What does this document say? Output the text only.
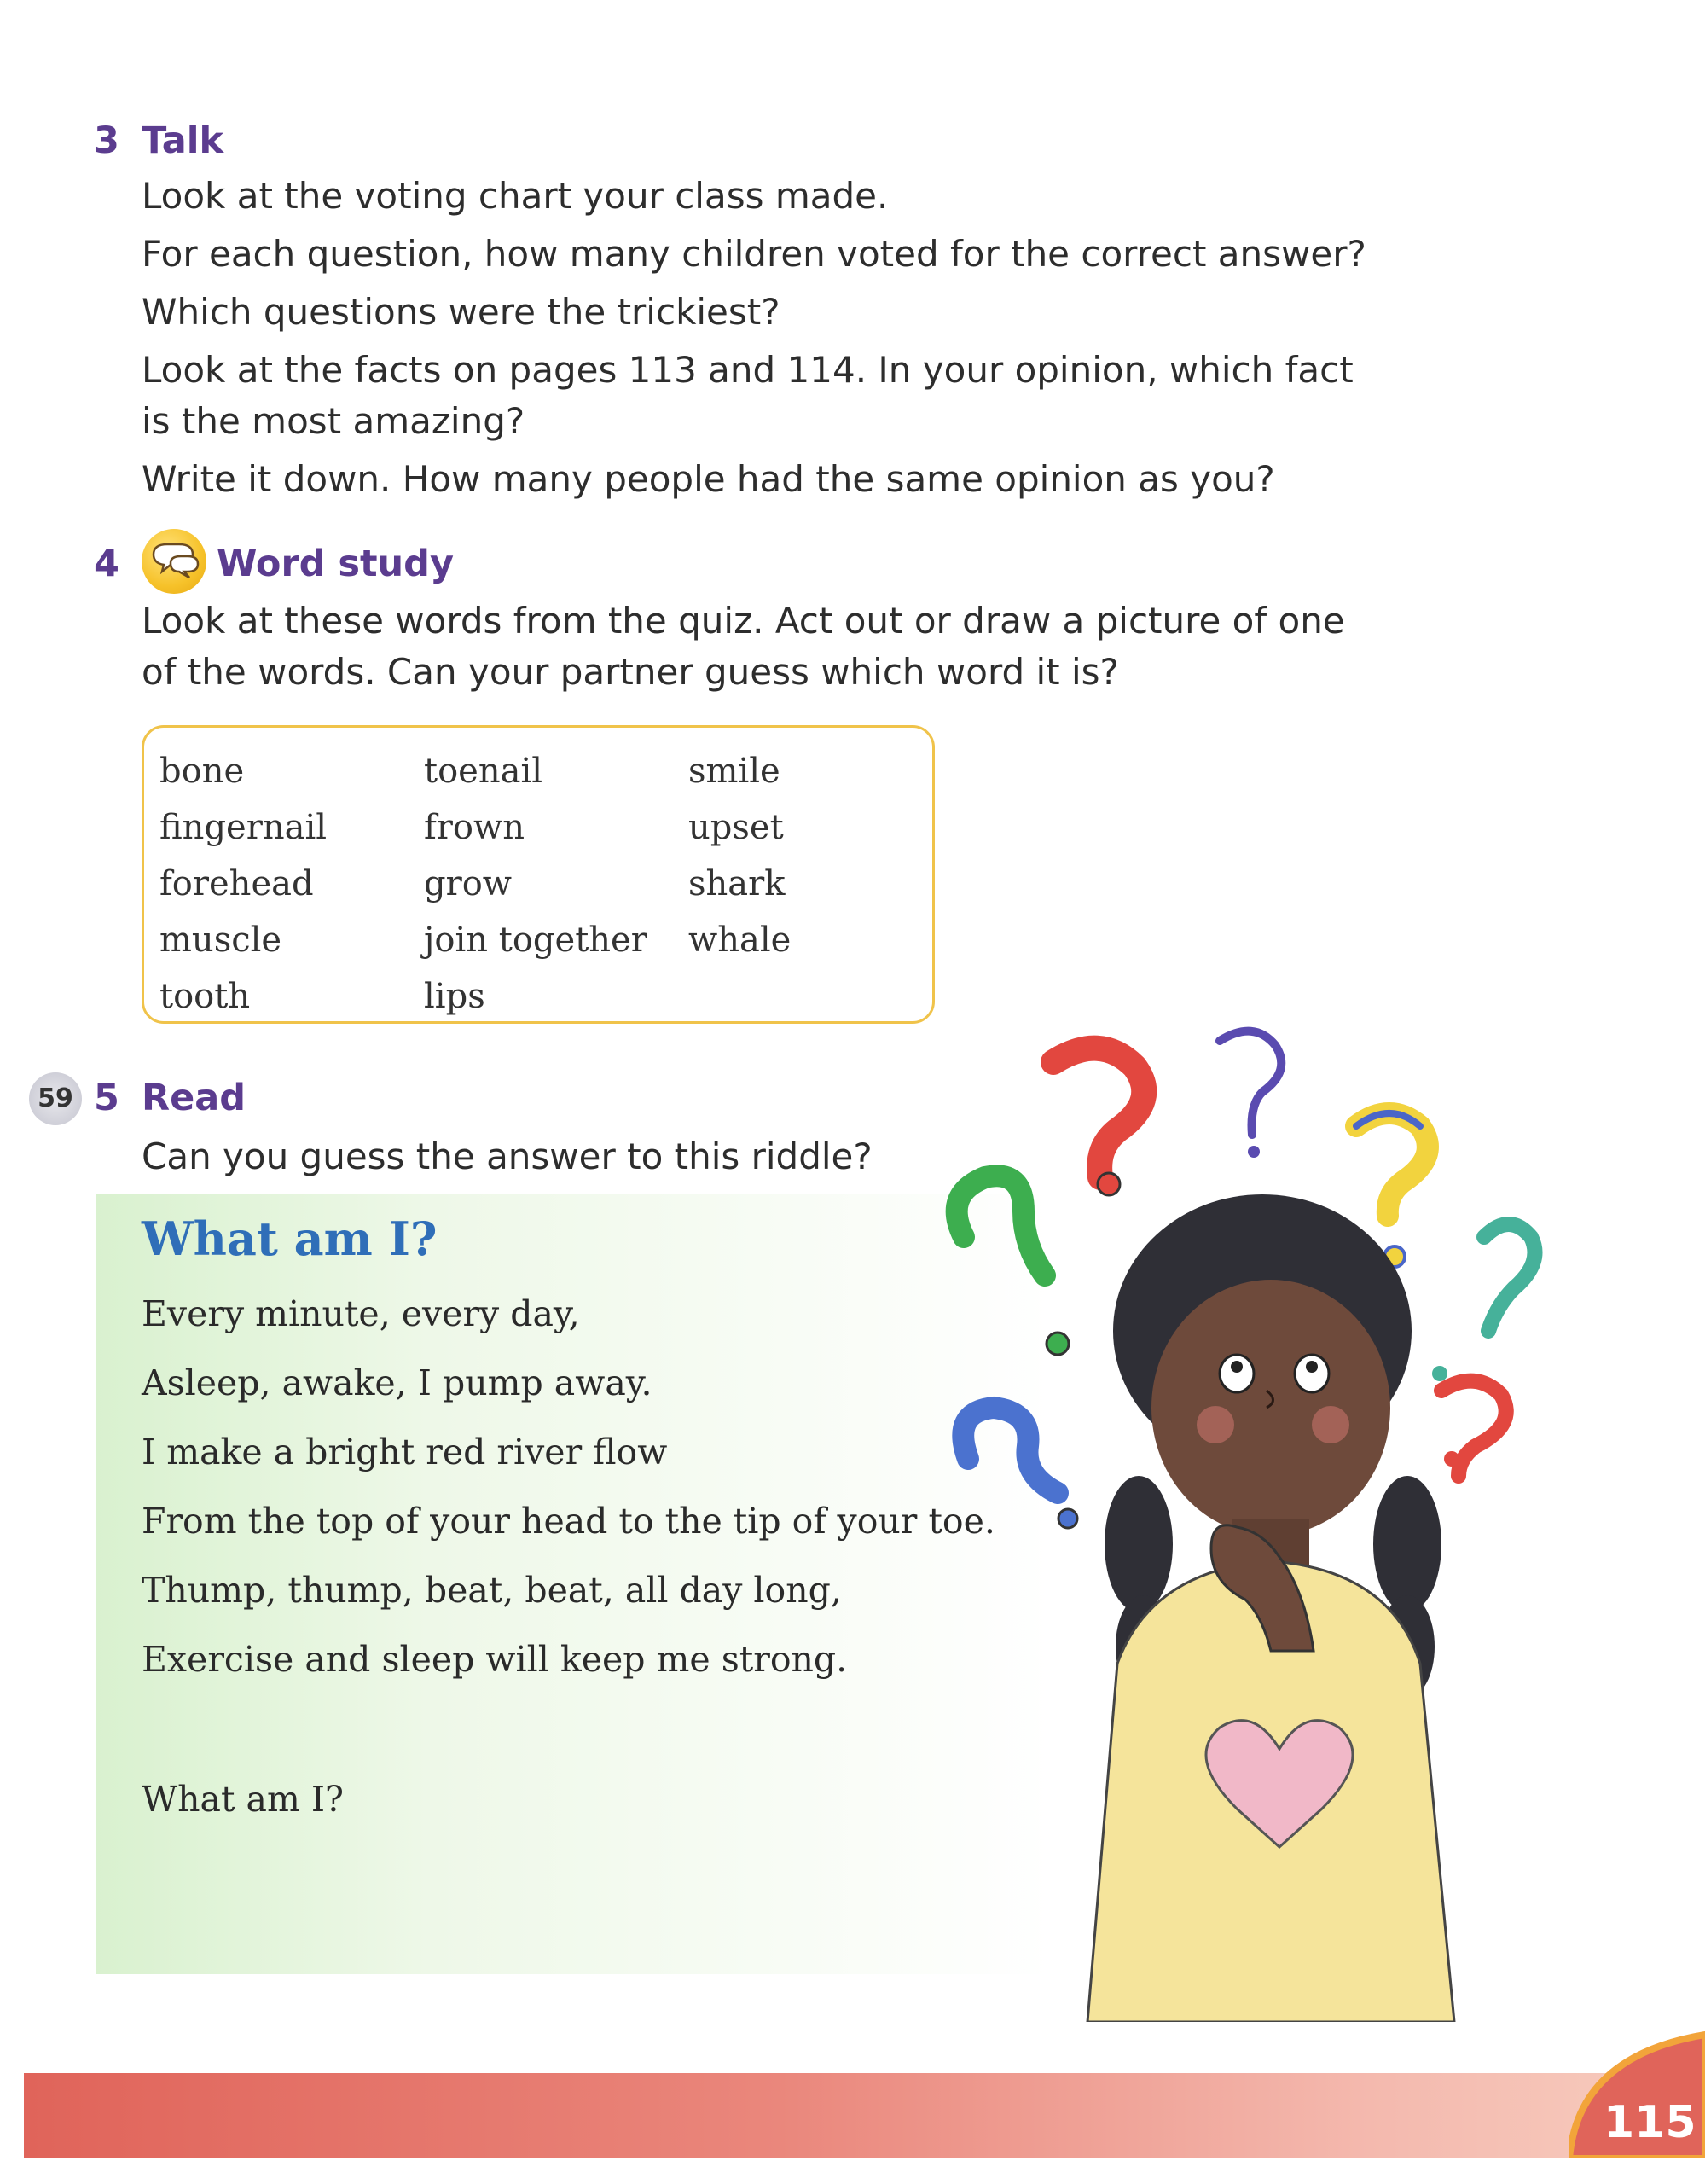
3 Talk
Look at the voting chart your class made.
For each question, how many children voted for the correct answer?
Which questions were the trickiest?
Look at the facts on pages 113 and 114. In your opinion, which fact
is the most amazing?
Write it down. How many people had the same opinion as you?
4	Word study
Look at these words from the quiz. Act out or draw a picture of one
of the words. Can your partner guess which word it is?
bone
fingernail
forehead
muscle
tooth
toenail
frown
grow
join together
lips
smile
upset
shark
whale
59 5 Read
Can you guess the answer to this riddle?
What am I?
Every minute, every day,
Asleep, awake, I pump away.
I make a bright red river flow
From the top of your head to the tip of your toe.
Thump, thump, beat, beat, all day long,
Exercise and sleep will keep me strong.
What am I?
115
